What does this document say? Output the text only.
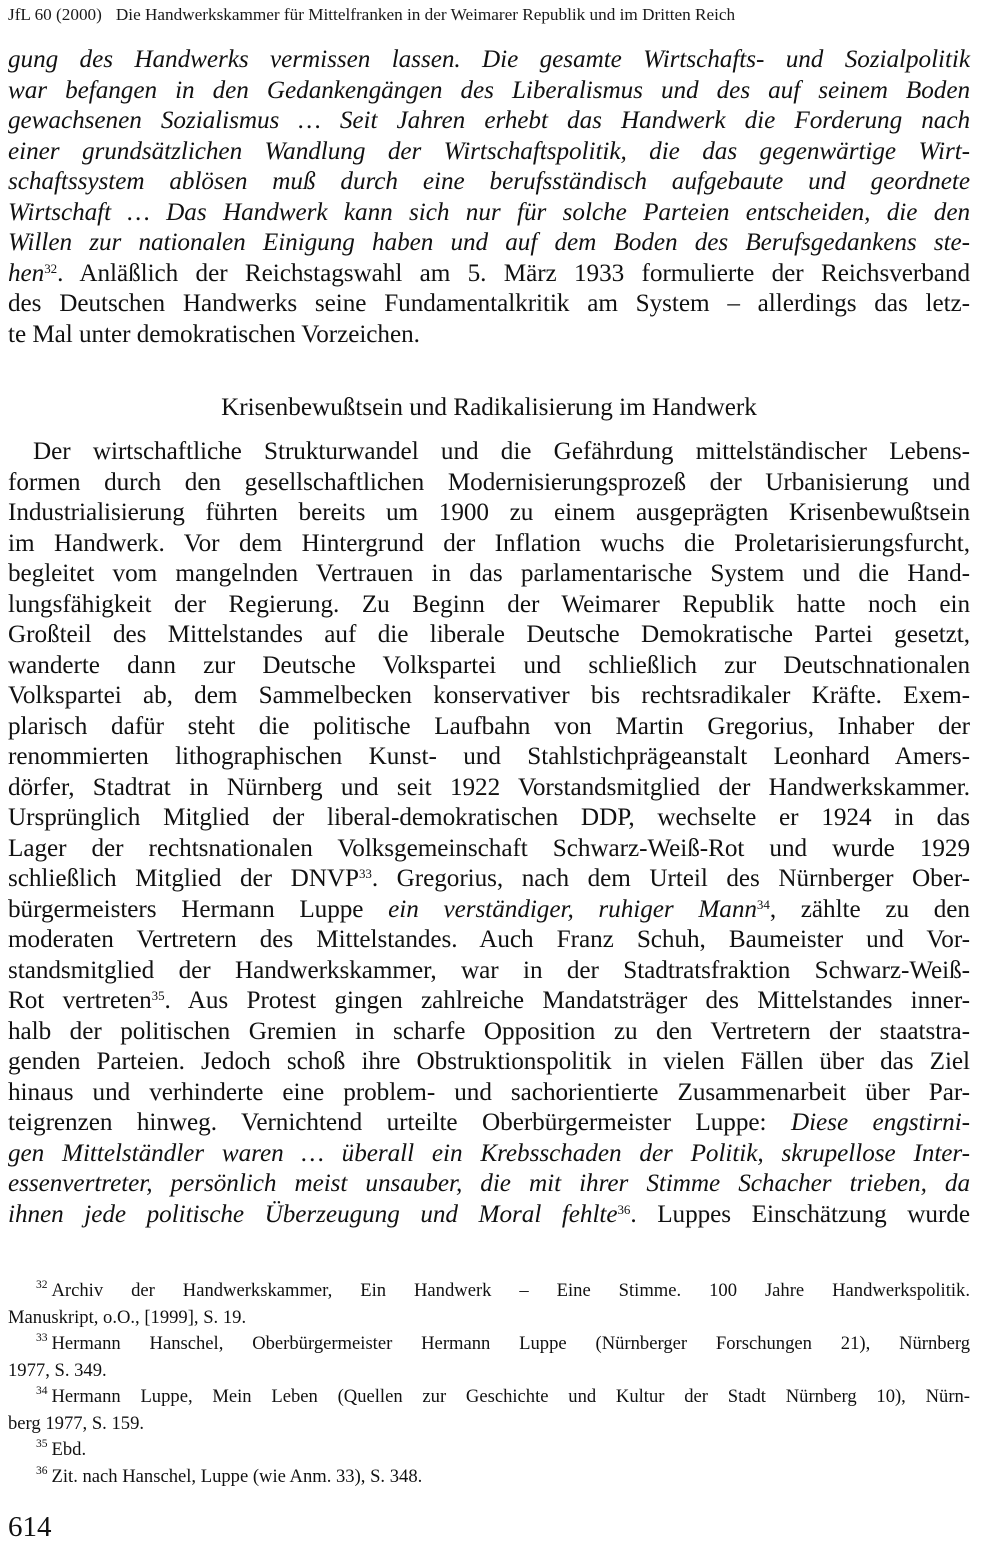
JfL 60 (2000) Die Handwerkskammer für Mittelfranken in der Weimarer Republik und im Dritten Reich
gung des Handwerks vermissen lassen. Die gesamte Wirtschafts- und Sozialpolitik
war befangen in den Gedankengängen des Liberalismus und des auf seinem Boden
gewachsenen Sozialismus … Seit Jahren erhebt das Handwerk die Forderung nach
einer grundsätzlichen Wandlung der Wirtschaftspolitik, die das gegenwärtige Wirt-
schaftssystem ablösen muß durch eine berufsständisch aufgebaute und geordnete
Wirtschaft … Das Handwerk kann sich nur für solche Parteien entscheiden, die den
Willen zur nationalen Einigung haben und auf dem Boden des Berufsgedankens ste-
hen$^{32}$. Anläßlich der Reichstagswahl am 5. März 1933 formulierte der Reichsverband
des Deutschen Handwerks seine Fundamentalkritik am System – allerdings das letz-
te Mal unter demokratischen Vorzeichen.
Krisenbewußtsein und Radikalisierung im Handwerk
Der wirtschaftliche Strukturwandel und die Gefährdung mittelständischer Lebens-
formen durch den gesellschaftlichen Modernisierungsprozeß der Urbanisierung und
Industrialisierung führten bereits um 1900 zu einem ausgeprägten Krisenbewußtsein
im Handwerk. Vor dem Hintergrund der Inflation wuchs die Proletarisierungsfurcht,
begleitet vom mangelnden Vertrauen in das parlamentarische System und die Hand-
lungsfähigkeit der Regierung. Zu Beginn der Weimarer Republik hatte noch ein
Großteil des Mittelstandes auf die liberale Deutsche Demokratische Partei gesetzt,
wanderte dann zur Deutsche Volkspartei und schließlich zur Deutschnationalen
Volkspartei ab, dem Sammelbecken konservativer bis rechtsradikaler Kräfte. Exem-
plarisch dafür steht die politische Laufbahn von Martin Gregorius, Inhaber der
renommierten lithographischen Kunst- und Stahlstichprägeanstalt Leonhard Amers-
dörfer, Stadtrat in Nürnberg und seit 1922 Vorstandsmitglied der Handwerkskammer.
Ursprünglich Mitglied der liberal-demokratischen DDP, wechselte er 1924 in das
Lager der rechtsnationalen Volksgemeinschaft Schwarz-Weiß-Rot und wurde 1929
schließlich Mitglied der DNVP$^{33}$. Gregorius, nach dem Urteil des Nürnberger Ober-
bürgermeisters Hermann Luppe ein verständiger, ruhiger Mann$^{34}$, zählte zu den
moderaten Vertretern des Mittelstandes. Auch Franz Schuh, Baumeister und Vor-
standsmitglied der Handwerkskammer, war in der Stadtratsfraktion Schwarz-Weiß-
Rot vertreten$^{35}$. Aus Protest gingen zahlreiche Mandatsträger des Mittelstandes inner-
halb der politischen Gremien in scharfe Opposition zu den Vertretern der staatstra-
genden Parteien. Jedoch schoß ihre Obstruktionspolitik in vielen Fällen über das Ziel
hinaus und verhinderte eine problem- und sachorientierte Zusammenarbeit über Par-
teigrenzen hinweg. Vernichtend urteilte Oberbürgermeister Luppe: Diese engstirni-
gen Mittelständler waren … überall ein Krebsschaden der Politik, skrupellose Inter-
essenvertreter, persönlich meist unsauber, die mit ihrer Stimme Schacher trieben, da
ihnen jede politische Überzeugung und Moral fehlte$^{36}$. Luppes Einschätzung wurde
$^{32}$ Archiv der Handwerkskammer, Ein Handwerk – Eine Stimme. 100 Jahre Handwerkspolitik.
Manuskript, o.O., [1999], S. 19.
$^{33}$ Hermann Hanschel, Oberbürgermeister Hermann Luppe (Nürnberger Forschungen 21), Nürnberg
1977, S. 349.
$^{34}$ Hermann Luppe, Mein Leben (Quellen zur Geschichte und Kultur der Stadt Nürnberg 10), Nürn-
berg 1977, S. 159.
$^{35}$ Ebd.
$^{36}$ Zit. nach Hanschel, Luppe (wie Anm. 33), S. 348.
614
